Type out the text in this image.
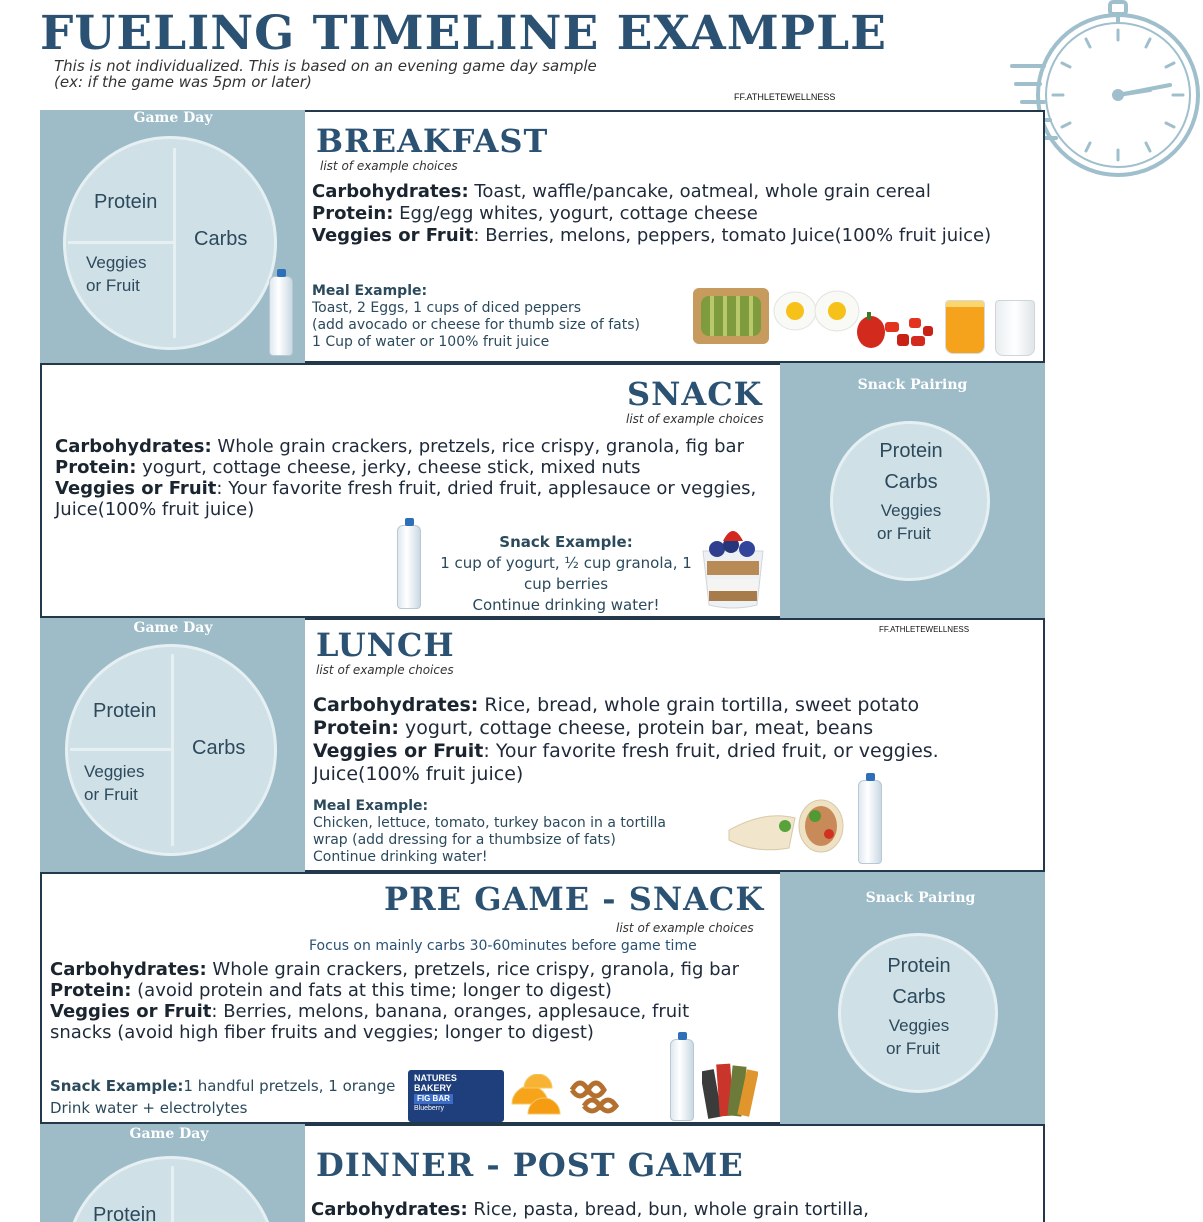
FUELING TIMELINE EXAMPLE
This is not individualized. This is based on an evening game day sample
(ex: if the game was 5pm or later)
FF.ATHLETEWELLNESS
Game Day
Protein
Carbs
Veggies
or Fruit
BREAKFAST
list of example choices
Carbohydrates: Toast, waffle/pancake, oatmeal, whole grain cereal
Protein: Egg/egg whites, yogurt, cottage cheese
Veggies or Fruit: Berries, melons, peppers, tomato Juice(100% fruit juice)
Meal Example:
Toast, 2 Eggs, 1 cups of diced peppers
(add avocado or cheese for thumb size of fats)
1 Cup of water or 100% fruit juice
SNACK
list of example choices
Carbohydrates: Whole grain crackers, pretzels, rice crispy, granola, fig bar
Protein: yogurt, cottage cheese, jerky, cheese stick, mixed nuts
Veggies or Fruit: Your favorite fresh fruit, dried fruit, applesauce or veggies,
Juice(100% fruit juice)
Snack Example:
1 cup of yogurt, ½ cup granola, 1
cup berries
Continue drinking water!
Snack Pairing
Protein
Carbs
Veggies
or Fruit
Game Day
Protein
Carbs
Veggies
or Fruit
FF.ATHLETEWELLNESS
LUNCH
list of example choices
Carbohydrates: Rice, bread, whole grain tortilla, sweet potato
Protein: yogurt, cottage cheese, protein bar, meat, beans
Veggies or Fruit: Your favorite fresh fruit, dried fruit, or veggies.
Juice(100% fruit juice)
Meal Example:
Chicken, lettuce, tomato, turkey bacon in a tortilla
wrap (add dressing for a thumbsize of fats)
Continue drinking water!
PRE GAME - SNACK
list of example choices
Focus on mainly carbs 30-60minutes before game time
Carbohydrates: Whole grain crackers, pretzels, rice crispy, granola, fig bar
Protein: (avoid protein and fats at this time; longer to digest)
Veggies or Fruit: Berries, melons, banana, oranges, applesauce, fruit
snacks (avoid high fiber fruits and veggies; longer to digest)
Snack Example:1 handful pretzels, 1 orange
Drink water + electrolytes
NATURES
BAKERY
FIG BAR
Blueberry
Snack Pairing
Protein
Carbs
Veggies
or Fruit
Game Day
Protein
DINNER - POST GAME
Carbohydrates: Rice, pasta, bread, bun, whole grain tortilla,
